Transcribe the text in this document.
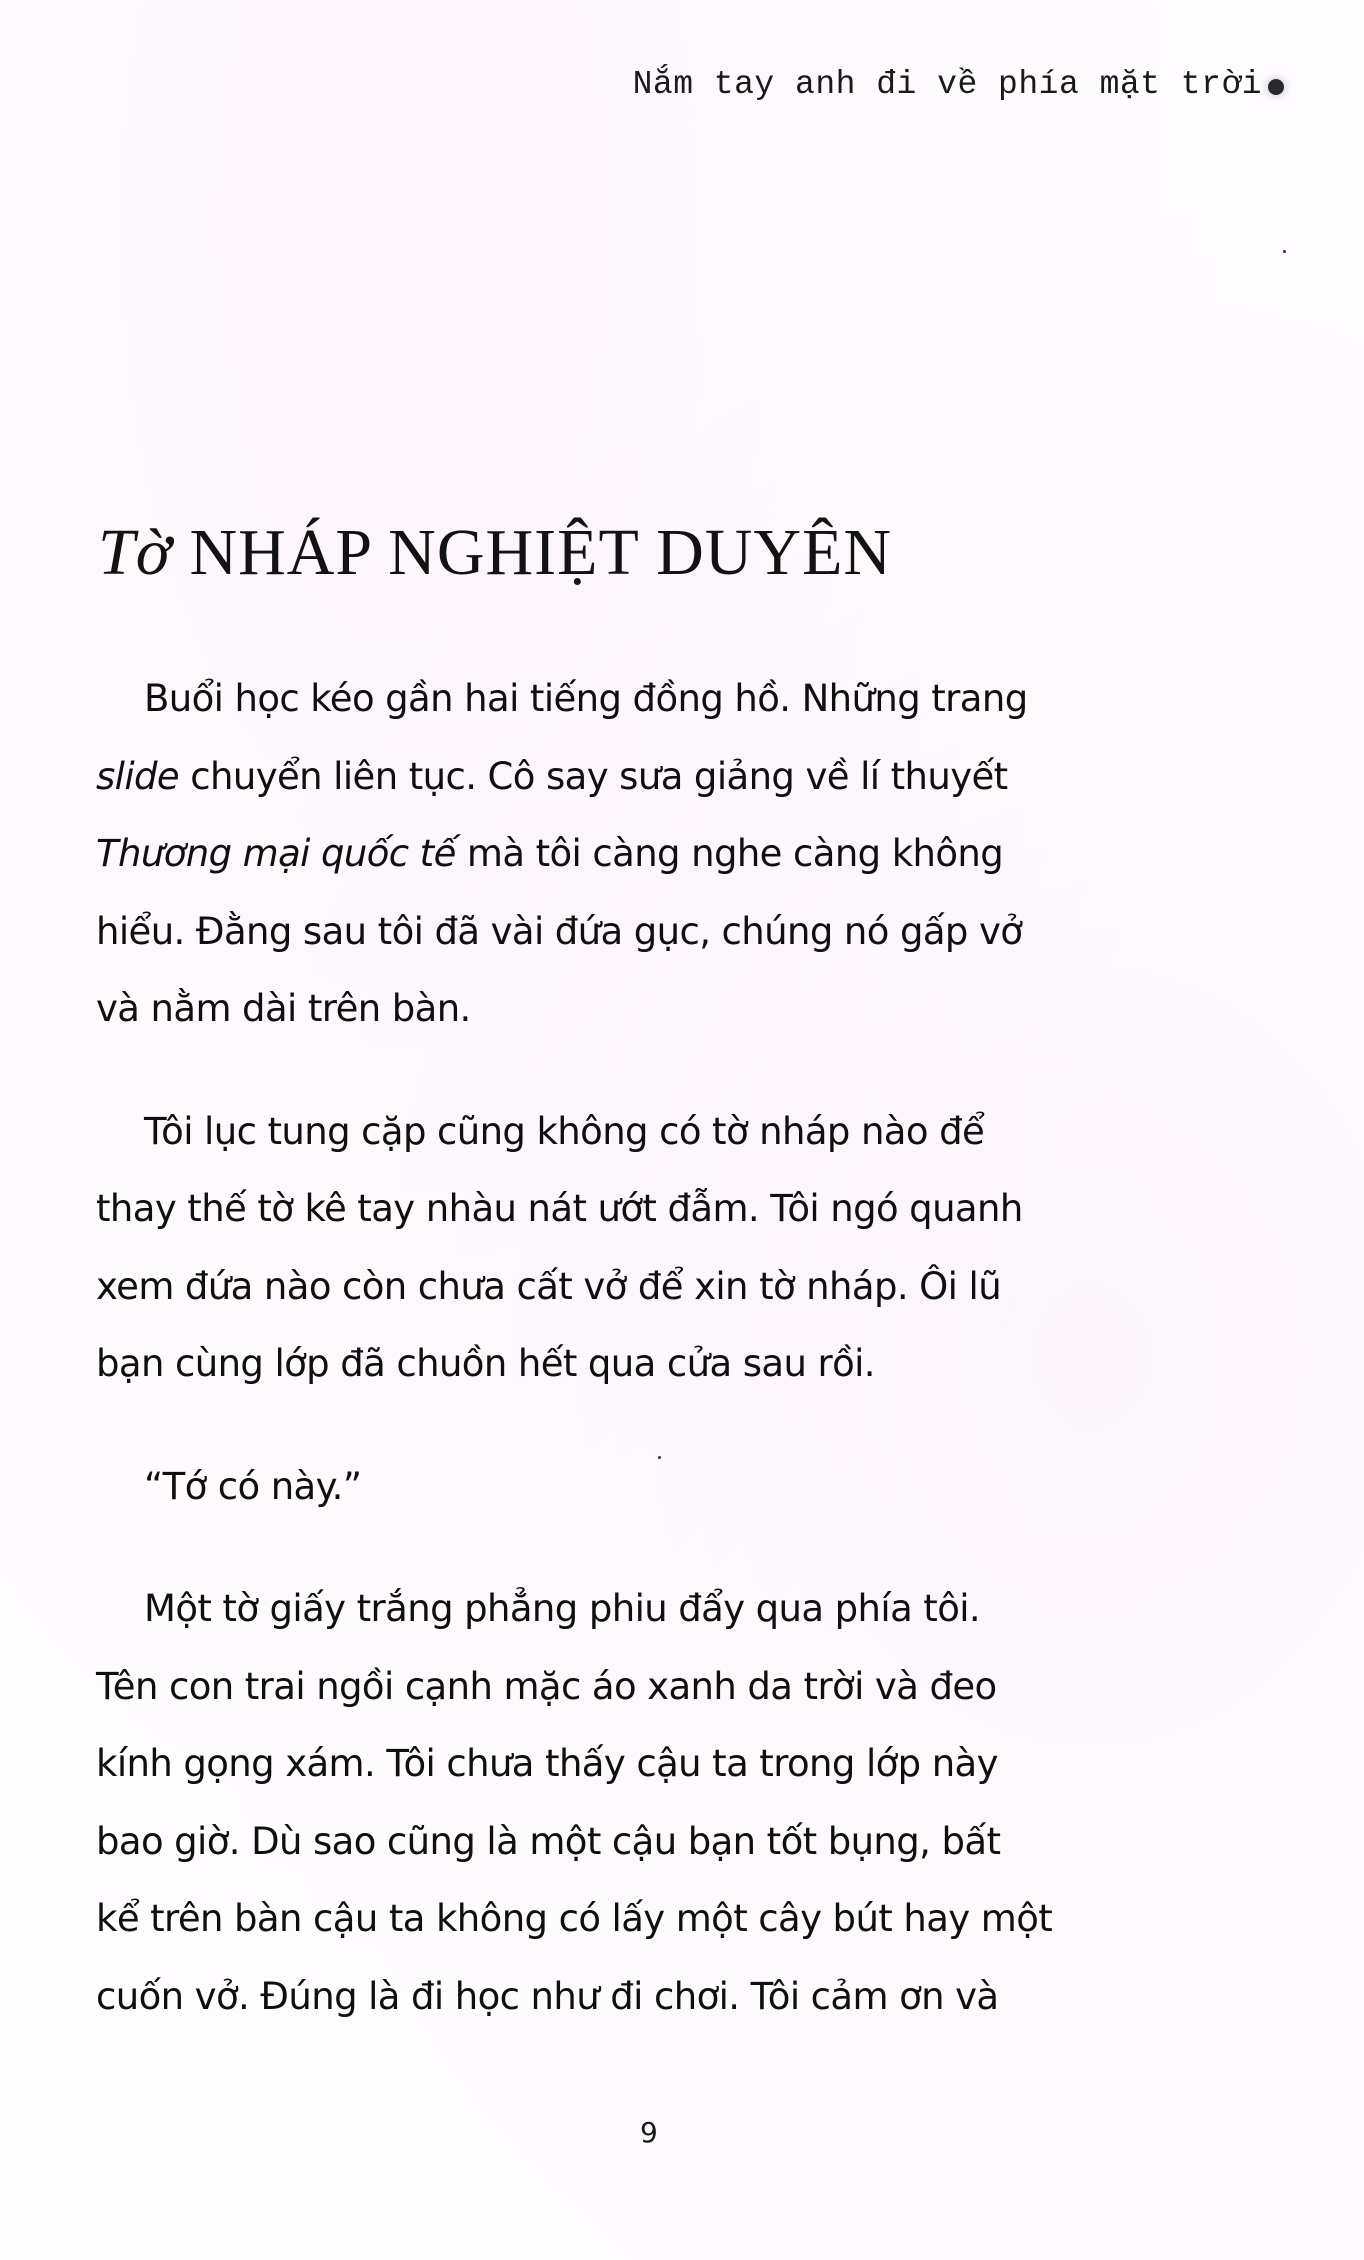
Nắm tay anh đi về phía mặt trời
Tờ NHÁP NGHIỆT DUYÊN

Buổi học kéo gần hai tiếng đồng hồ. Những trang
slide chuyển liên tục. Cô say sưa giảng về lí thuyết
Thương mại quốc tế mà tôi càng nghe càng không
hiểu. Đằng sau tôi đã vài đứa gục, chúng nó gấp vở
và nằm dài trên bàn.

Tôi lục tung cặp cũng không có tờ nháp nào để
thay thế tờ kê tay nhàu nát ướt đẫm. Tôi ngó quanh
xem đứa nào còn chưa cất vở để xin tờ nháp. Ôi lũ
bạn cùng lớp đã chuồn hết qua cửa sau rồi.

“Tớ có này.”

Một tờ giấy trắng phẳng phiu đẩy qua phía tôi.
Tên con trai ngồi cạnh mặc áo xanh da trời và đeo
kính gọng xám. Tôi chưa thấy cậu ta trong lớp này
bao giờ. Dù sao cũng là một cậu bạn tốt bụng, bất
kể trên bàn cậu ta không có lấy một cây bút hay một
cuốn vở. Đúng là đi học như đi chơi. Tôi cảm ơn và

9
